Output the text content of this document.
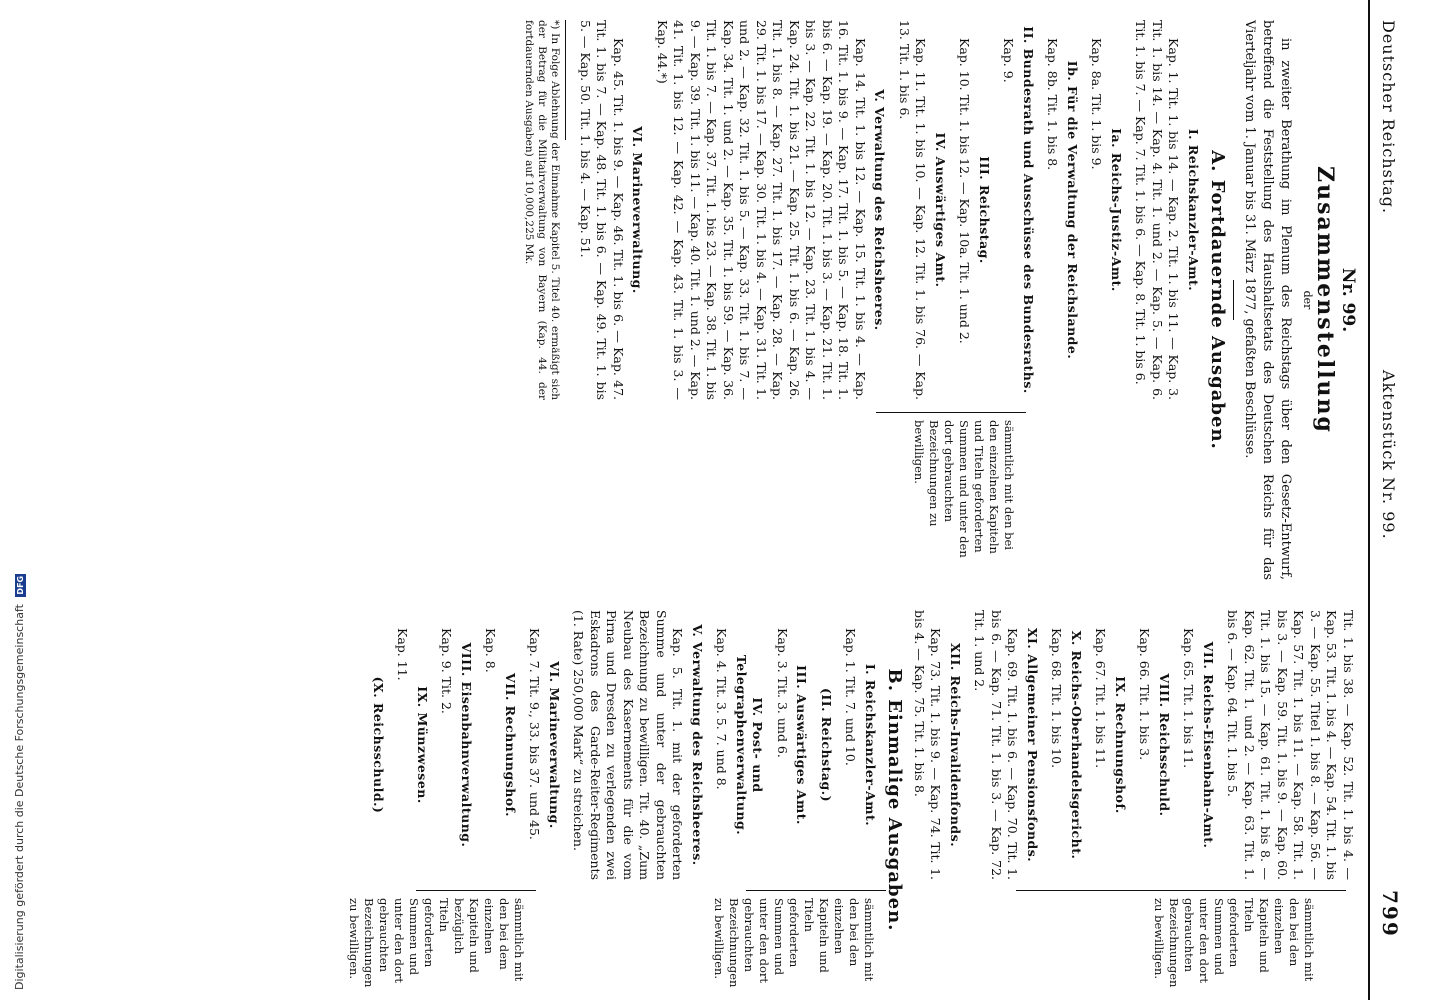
Deutscher Reichstag.
Aktenstück Nr. 99.
799
Nr. 99.
Zusammenstellung
der
in zweiter Berathung im Plenum des Reichstags über den Gesetz-Entwurf, betreffend die Feststellung des Haushaltsetats des Deutschen Reichs für das Vierteljahr vom 1. Januar bis 31. März 1877, gefaßten Beschlüsse.
A. Fortdauernde Ausgaben.
I. Reichskanzler-Amt.
Kap. 1. Tit. 1. bis 14. — Kap. 2. Tit. 1. bis 11. — Kap. 3. Tit. 1. bis 14. — Kap. 4. Tit. 1. und 2. — Kap. 5. — Kap. 6. Tit. 1. bis 7. — Kap. 7. Tit. 1. bis 6. — Kap. 8. Tit. 1. bis 6.
Ia. Reichs-Justiz-Amt.
Kap. 8a. Tit. 1. bis 9.
Ib. Für die Verwaltung der Reichslande.
Kap. 8b. Tit. 1. bis 8.
II. Bundesrath und Ausschüsse des Bundesraths.
Kap. 9.
III. Reichstag.
Kap. 10. Tit. 1. bis 12. — Kap. 10a. Tit. 1. und 2.
IV. Auswärtiges Amt.
Kap. 11. Tit. 1. bis 10. — Kap. 12. Tit. 1. bis 76. — Kap. 13. Tit. 1. bis 6.
V. Verwaltung des Reichsheeres.
Kap. 14. Tit. 1. bis 12. — Kap. 15. Tit. 1. bis 4. — Kap. 16. Tit. 1. bis 9. — Kap. 17. Tit. 1. bis 5. — Kap. 18. Tit. 1. bis 6. — Kap. 19. — Kap. 20. Tit. 1. bis 3. — Kap. 21. Tit. 1. bis 3. — Kap. 22. Tit. 1. bis 12. — Kap. 23. Tit. 1. bis 4. — Kap. 24. Tit. 1. bis 21. — Kap. 25. Tit. 1. bis 6. — Kap. 26. Tit. 1. bis 8. — Kap. 27. Tit. 1. bis 17. — Kap. 28. — Kap. 29. Tit. 1. bis 17. — Kap. 30. Tit. 1. bis 4. — Kap. 31. Tit. 1. und 2. — Kap. 32. Tit. 1. bis 5. — Kap. 33. Tit. 1. bis 7. — Kap. 34. Tit. 1. und 2. — Kap. 35. Tit. 1. bis 59. — Kap. 36. Tit. 1. bis 7. — Kap. 37. Tit. 1. bis 23. — Kap. 38. Tit. 1. bis 9. — Kap. 39. Tit. 1. bis 11. — Kap. 40. Tit. 1. und 2. — Kap. 41. Tit. 1. bis 12. — Kap. 42. — Kap. 43. Tit. 1. bis 3. — Kap. 44.*)
VI. Marineverwaltung.
Kap. 45. Tit. 1. bis 9. — Kap. 46. Tit. 1. bis 6. — Kap. 47. Tit. 1. bis 7. — Kap. 48. Tit. 1. bis 6. — Kap. 49. Tit. 1. bis 5. — Kap. 50. Tit. 1. bis 4. — Kap. 51.
*) In Folge Ablehnung der Einnahme Kapitel 5. Titel 40. ermäßigt sich der Betrag für die Militairverwaltung von Bayern (Kap. 44. der fortdauernden Ausgaben) auf 10,000,225 Mk.
sämmtlich mit den bei den einzelnen Kapiteln und Titeln geforderten Summen und unter den dort gebrauchten Bezeichnungen zu bewilligen.
Tit. 1. bis 38. — Kap. 52. Tit. 1. bis 4. — Kap. 53. Tit. 1. bis 4. — Kap. 54. Tit. 1. bis 3. — Kap. 55. Titel 1. bis 8. — Kap. 56. — Kap. 57. Tit. 1. bis 11. — Kap. 58. Tit. 1. bis 3. — Kap. 59. Tit. 1. bis 9. — Kap. 60. Tit. 1. bis 15. — Kap. 61. Tit. 1. bis 8. — Kap. 62. Tit. 1. und 2. — Kap. 63. Tit. 1. bis 6. — Kap. 64. Tit. 1. bis 5.
VII. Reichs-Eisenbahn-Amt.
Kap. 65. Tit. 1. bis 11.
VIII. Reichsschuld.
Kap. 66. Tit. 1. bis 3.
IX. Rechnungshof.
Kap. 67. Tit. 1. bis 11.
X. Reichs-Oberhandelsgericht.
Kap. 68. Tit. 1. bis 10.
XI. Allgemeiner Pensionsfonds.
Kap. 69. Tit. 1. bis 6. — Kap. 70. Tit. 1. bis 6. — Kap. 71. Tit. 1. bis 3. — Kap. 72. Tit. 1. und 2.
XII. Reichs-Invalidenfonds.
Kap. 73. Tit. 1. bis 9. — Kap. 74. Tit. 1. bis 4. — Kap. 75. Tit. 1. bis 8.
sämmtlich mit den bei den einzelnen Kapiteln und Titeln geforderten Summen und unter den dort gebrauchten Bezeichnungen zu bewilligen.
B. Einmalige Ausgaben.
I. Reichskanzler-Amt.
Kap. 1. Tit. 7. und 10.
(II. Reichstag.)
III. Auswärtiges Amt.
Kap. 3. Tit. 3. und 6.
IV. Post- und Telegraphenverwaltung.
Kap. 4. Tit. 3. 5. 7. und 8.
V. Verwaltung des Reichsheeres.
Kap. 5. Tit. 1. mit der geforderten Summe und unter der gebrauchten Bezeichnung zu bewilligen. Tit. 40. „Zum Neubau des Kasernements für die vom Pirna und Dresden zu verlegenden zwei Eskadrons des Garde-Reiter-Regiments (1. Rate) 250,000 Mark“ zu streichen.
VI. Marineverwaltung.
Kap. 7. Tit. 9., 33. bis 37. und 45.
VII. Rechnungshof.
Kap. 8.
VIII. Eisenbahnverwaltung.
Kap. 9. Tit. 2.
IX. Münzwesen.
Kap. 11.
(X. Reichsschuld.)
sämmtlich mit den bei den einzelnen Kapiteln und Titeln geforderten Summen und unter den dort gebrauchten Bezeichnungen zu bewilligen.
sämmtlich mit den bei dem einzelnen Kapiteln und bezüglich Titeln geforderten Summen und unter den dort gebrauchten Bezeichnungen zu bewilligen.
Digitalisierung gefördert durch die Deutsche Forschungsgemeinschaft DFG
